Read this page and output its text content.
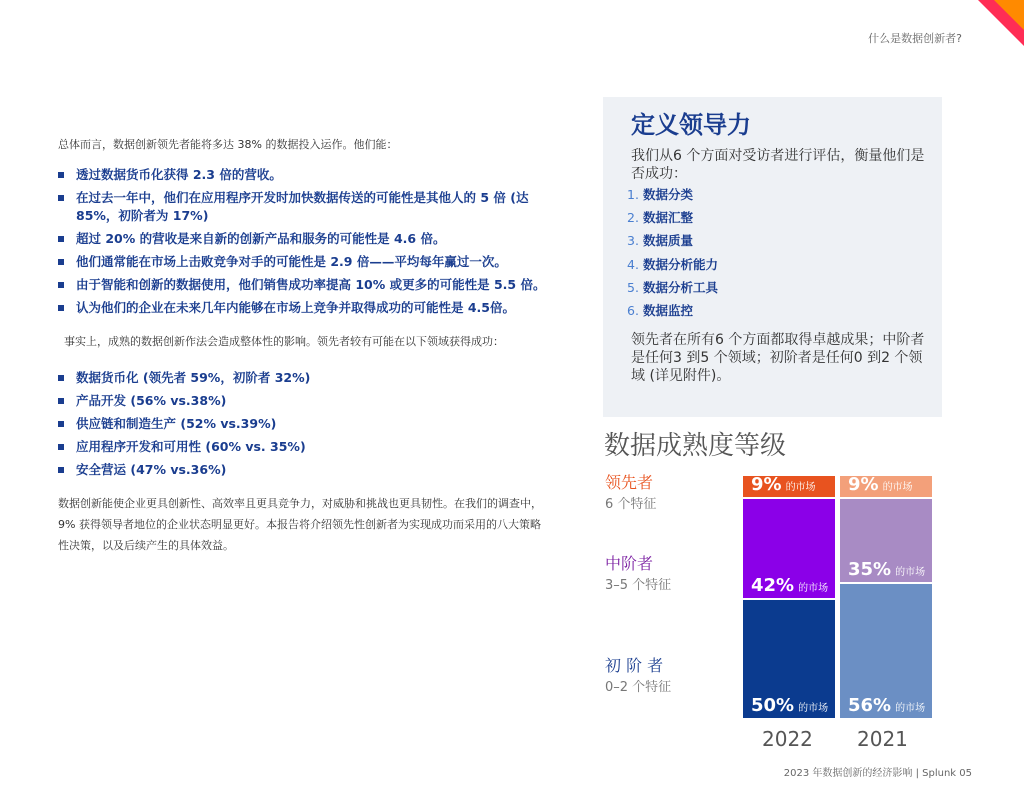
什么是数据创新者?

总体而言，数据创新领先者能将多达 38% 的数据投入运作。他们能：

透过数据货币化获得 2.3 倍的营收。
在过去一年中，他们在应用程序开发时加快数据传送的可能性是其他人的 5 倍 (达 85%，初阶者为 17%)
超过 20% 的营收是来自新的创新产品和服务的可能性是 4.6 倍。
他们通常能在市场上击败竞争对手的可能性是 2.9 倍——平均每年赢过一次。
由于智能和创新的数据使用，他们销售成功率提高 10% 或更多的可能性是 5.5 倍。
认为他们的企业在未来几年内能够在市场上竞争并取得成功的可能性是 4.5倍。

事实上，成熟的数据创新作法会造成整体性的影响。领先者较有可能在以下领域获得成功：

数据货币化 (领先者 59%，初阶者 32%)
产品开发 (56% vs.38%)
供应链和制造生产 (52% vs.39%)
应用程序开发和可用性 (60% vs. 35%)
安全营运 (47% vs.36%)

数据创新能使企业更具创新性、高效率且更具竞争力，对威胁和挑战也更具韧性。在我们的调查中，9% 获得领导者地位的企业状态明显更好。本报告将介绍领先性创新者为实现成功而采用的八大策略性决策，以及后续产生的具体效益。

定义领导力
我们从6 个方面对受访者进行评估，衡量他们是否成功：
1. 数据分类
2. 数据汇整
3. 数据质量
4. 数据分析能力
5. 数据分析工具
6. 数据监控
领先者在所有6 个方面都取得卓越成果；中阶者是任何3 到5 个领域；初阶者是任何0 到2 个领域 (详见附件)。
数据成熟度等级
领先者
6 个特征
中阶者
3–5 个特征
初 阶 者
0–2 个特征
9% 的市场
42% 的市场
50% 的市场
9% 的市场
35% 的市场
56% 的市场
2022 2021
2023 年数据创新的经济影响 | Splunk 05
